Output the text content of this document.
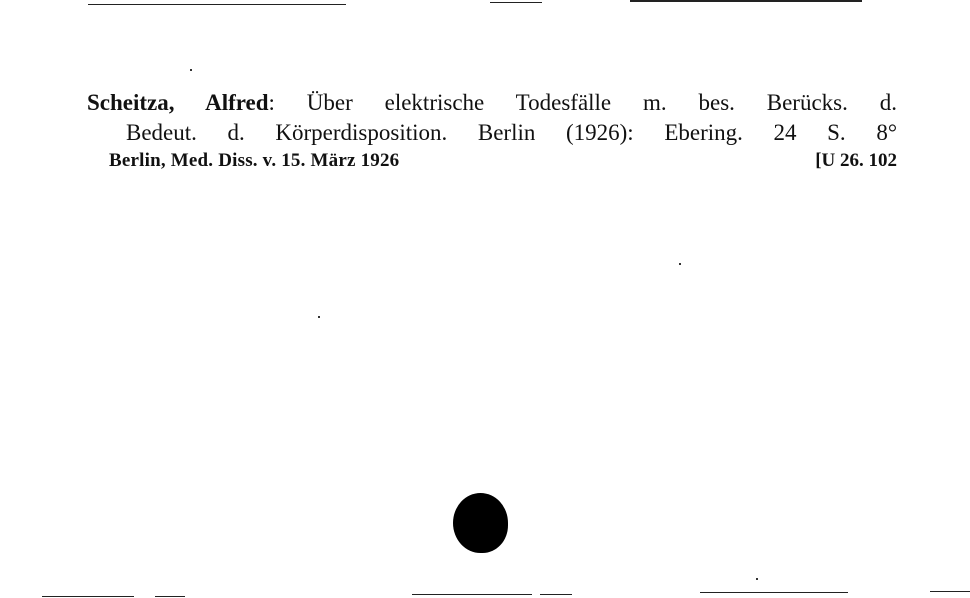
Scheitza, Alfred: Über elektrische Todesfälle m. bes. Berücks. d.
Bedeut. d. Körperdisposition. Berlin (1926): Ebering. 24 S. 8°
Berlin, Med. Diss. v. 15. März 1926	[U 26. 102
